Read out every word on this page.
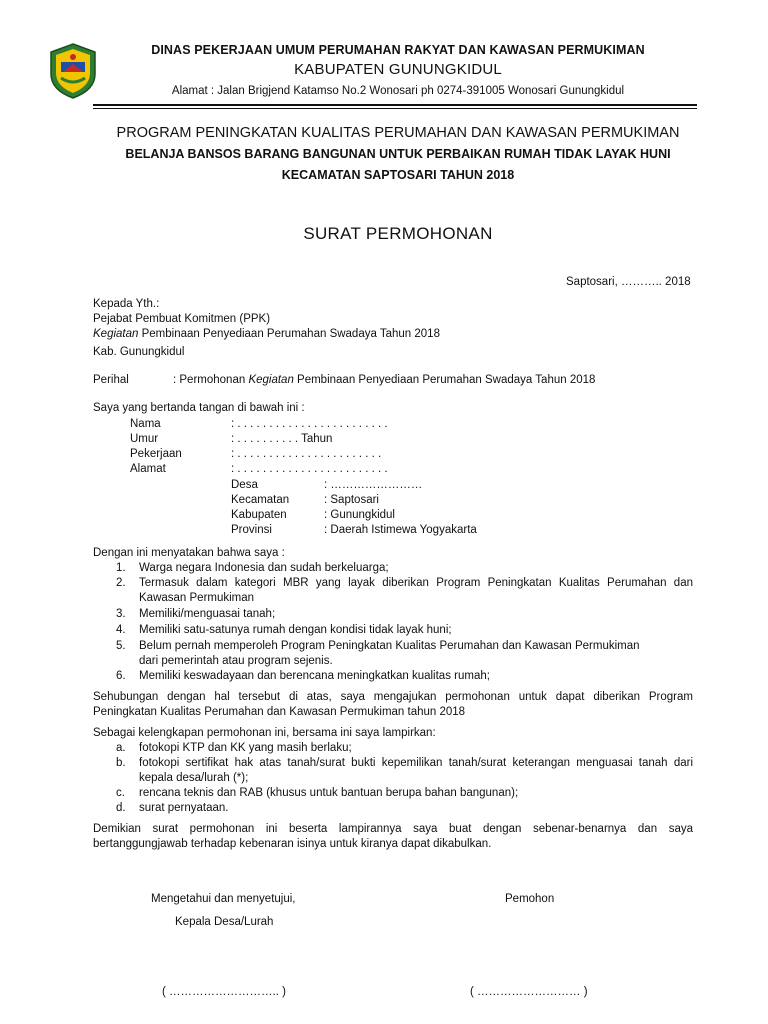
DINAS PEKERJAAN UMUM PERUMAHAN RAKYAT DAN KAWASAN PERMUKIMAN
KABUPATEN GUNUNGKIDUL
Alamat : Jalan Brigjend Katamso No.2 Wonosari ph 0274-391005 Wonosari Gunungkidul
PROGRAM PENINGKATAN KUALITAS PERUMAHAN DAN KAWASAN PERMUKIMAN
BELANJA BANSOS BARANG BANGUNAN UNTUK PERBAIKAN RUMAH TIDAK LAYAK HUNI
KECAMATAN SAPTOSARI TAHUN 2018
SURAT PERMOHONAN
Saptosari, ……….. 2018
Kepada Yth.:
Pejabat Pembuat Komitmen (PPK)
Kegiatan Pembinaan Penyediaan Perumahan Swadaya Tahun 2018
Kab. Gunungkidul
Perihal	: Permohonan Kegiatan Pembinaan Penyediaan Perumahan Swadaya Tahun 2018
Saya yang bertanda tangan di bawah ini :
Nama	: . . . . . . . . . . . . . . . . . . . . . . . .
Umur	: . . . . . . . . . . Tahun
Pekerjaan	: . . . . . . . . . . . . . . . . . . . . . . .
Alamat	: . . . . . . . . . . . . . . . . . . . . . . . .
Desa	: ……………………
Kecamatan	: Saptosari
Kabupaten	: Gunungkidul
Provinsi	: Daerah Istimewa Yogyakarta
Dengan ini menyatakan bahwa saya :
1. Warga negara Indonesia dan sudah berkeluarga;
2. Termasuk dalam kategori MBR yang layak diberikan Program Peningkatan Kualitas Perumahan dan
Kawasan Permukiman
3. Memiliki/menguasai tanah;
4. Memiliki satu-satunya rumah dengan kondisi tidak layak huni;
5. Belum pernah memperoleh Program Peningkatan Kualitas Perumahan dan Kawasan Permukiman
dari pemerintah atau program sejenis.
6. Memiliki keswadayaan dan berencana meningkatkan kualitas rumah;
Sehubungan dengan hal tersebut di atas, saya mengajukan permohonan untuk dapat diberikan Program
Peningkatan Kualitas Perumahan dan Kawasan Permukiman tahun 2018
Sebagai kelengkapan permohonan ini, bersama ini saya lampirkan:
a. fotokopi KTP dan KK yang masih berlaku;
b. fotokopi sertifikat hak atas tanah/surat bukti kepemilikan tanah/surat keterangan menguasai tanah dari
kepala desa/lurah (*);
c. rencana teknis dan RAB (khusus untuk bantuan berupa bahan bangunan);
d. surat pernyataan.
Demikian surat permohonan ini beserta lampirannya saya buat dengan sebenar-benarnya dan saya
bertanggungjawab terhadap kebenaran isinya untuk kiranya dapat dikabulkan.
Mengetahui dan menyetujui,
Kepala Desa/Lurah
Pemohon
( ……………………….. )	( ……………………… )
